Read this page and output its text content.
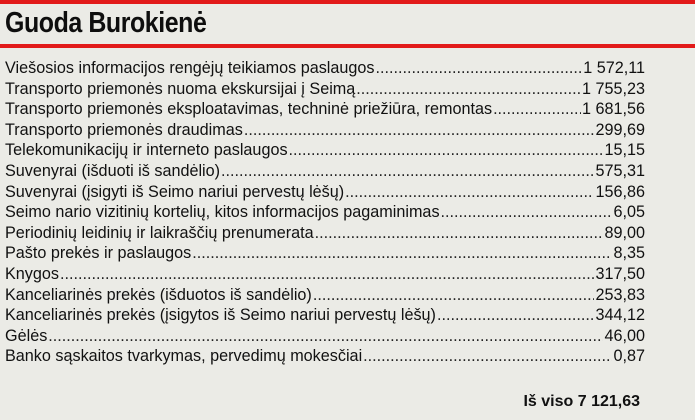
Guoda Burokienė
Viešosios informacijos rengėjų teikiamos paslaugos .....	1 572,11
Transporto priemonės nuoma ekskursijai į Seimą .....	1 755,23
Transporto priemonės eksploatavimas, techninė priežiūra, remontas .....	1 681,56
Transporto priemonės draudimas .....	299,69
Telekomunikacijų ir interneto paslaugos .....	15,15
Suvenyrai (išduoti iš sandėlio) .....	575,31
Suvenyrai (įsigyti iš Seimo nariui pervestų lėšų) .....	156,86
Seimo nario vizitinių kortelių, kitos informacijos pagaminimas .....	6,05
Periodinių leidinių ir laikraščių prenumerata .....	89,00
Pašto prekės ir paslaugos .....	8,35
Knygos .....	317,50
Kanceliarinės prekės (išduotos iš sandėlio) .....	253,83
Kanceliarinės prekės (įsigytos iš Seimo nariui pervestų lėšų) .....	344,12
Gėlės .....	46,00
Banko sąskaitos tvarkymas, pervedimų mokesčiai .....	0,87
Iš viso 7 121,63
